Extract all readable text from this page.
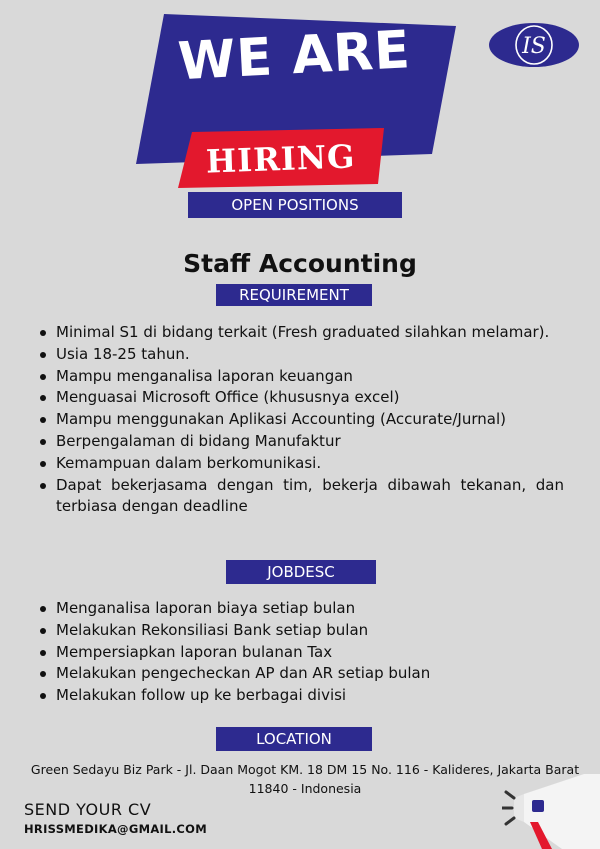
WE ARE
HIRING
OPEN POSITIONS
IS
Staff Accounting
REQUIREMENT
Minimal S1 di bidang terkait (Fresh graduated silahkan melamar).
Usia 18-25 tahun.
Mampu menganalisa laporan keuangan
Menguasai Microsoft Office (khususnya excel)
Mampu menggunakan Aplikasi Accounting (Accurate/Jurnal)
Berpengalaman di bidang Manufaktur
Kemampuan dalam berkomunikasi.
Dapat bekerjasama dengan tim, bekerja dibawah tekanan, dan terbiasa dengan deadline
JOBDESC
Menganalisa laporan biaya setiap bulan
Melakukan Rekonsiliasi Bank setiap bulan
Mempersiapkan laporan bulanan Tax
Melakukan pengecheckan AP dan AR setiap bulan
Melakukan follow up ke berbagai divisi
LOCATION
Green Sedayu Biz Park - Jl. Daan Mogot KM. 18 DM 15 No. 116 - Kalideres, Jakarta Barat 11840 - Indonesia
SEND YOUR CV
HRISSMEDIKA@GMAIL.COM
